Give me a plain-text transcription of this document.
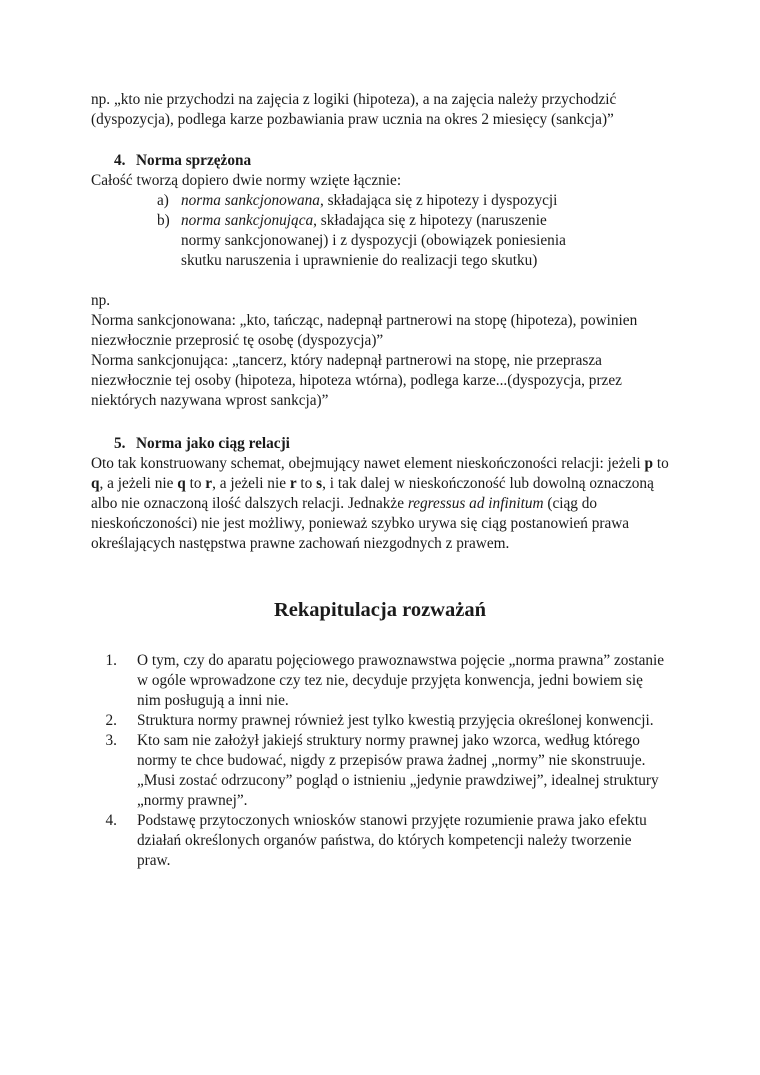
np. „kto nie przychodzi na zajęcia z logiki (hipoteza), a na zajęcia należy przychodzić (dyspozycja), podlega karze pozbawiania praw ucznia na okres 2 miesięcy (sankcja)”

4. Norma sprzężona

Całość tworzą dopiero dwie normy wzięte łącznie:

a) norma sankcjonowana, składająca się z hipotezy i dyspozycji
b) norma sankcjonująca, składająca się z hipotezy (naruszenie normy sankcjonowanej) i z dyspozycji (obowiązek poniesienia skutku naruszenia i uprawnienie do realizacji tego skutku)

np.

Norma sankcjonowana: „kto, tańcząc, nadepnął partnerowi na stopę (hipoteza), powinien niezwłocznie przeprosić tę osobę (dyspozycja)”

Norma sankcjonująca: „tancerz, który nadepnął partnerowi na stopę, nie przeprasza niezwłocznie tej osoby (hipoteza, hipoteza wtórna), podlega karze...(dyspozycja, przez niektórych nazywana wprost sankcja)”

5. Norma jako ciąg relacji

Oto tak konstruowany schemat, obejmujący nawet element nieskończoności relacji: jeżeli p to q, a jeżeli nie q to r, a jeżeli nie r to s, i tak dalej w nieskończoność lub dowolną oznaczoną albo nie oznaczoną ilość dalszych relacji. Jednakże regressus ad infinitum (ciąg do nieskończoności) nie jest możliwy, ponieważ szybko urywa się ciąg postanowień prawa określających następstwa prawne zachowań niezgodnych z prawem.

Rekapitulacja rozważań
1.	O tym, czy do aparatu pojęciowego prawoznawstwa pojęcie „norma prawna” zostanie w ogóle wprowadzone czy tez nie, decyduje przyjęta konwencja, jedni bowiem się nim posługują a inni nie.
2.	Struktura normy prawnej również jest tylko kwestią przyjęcia określonej konwencji.
3.	Kto sam nie założył jakiejś struktury normy prawnej jako wzorca, według którego normy te chce budować, nigdy z przepisów prawa żadnej „normy” nie skonstruuje. „Musi zostać odrzucony” pogląd o istnieniu „jedynie prawdziwej”, idealnej struktury „normy prawnej”.
4.	Podstawę przytoczonych wniosków stanowi przyjęte rozumienie prawa jako efektu działań określonych organów państwa, do których kompetencji należy tworzenie praw.
